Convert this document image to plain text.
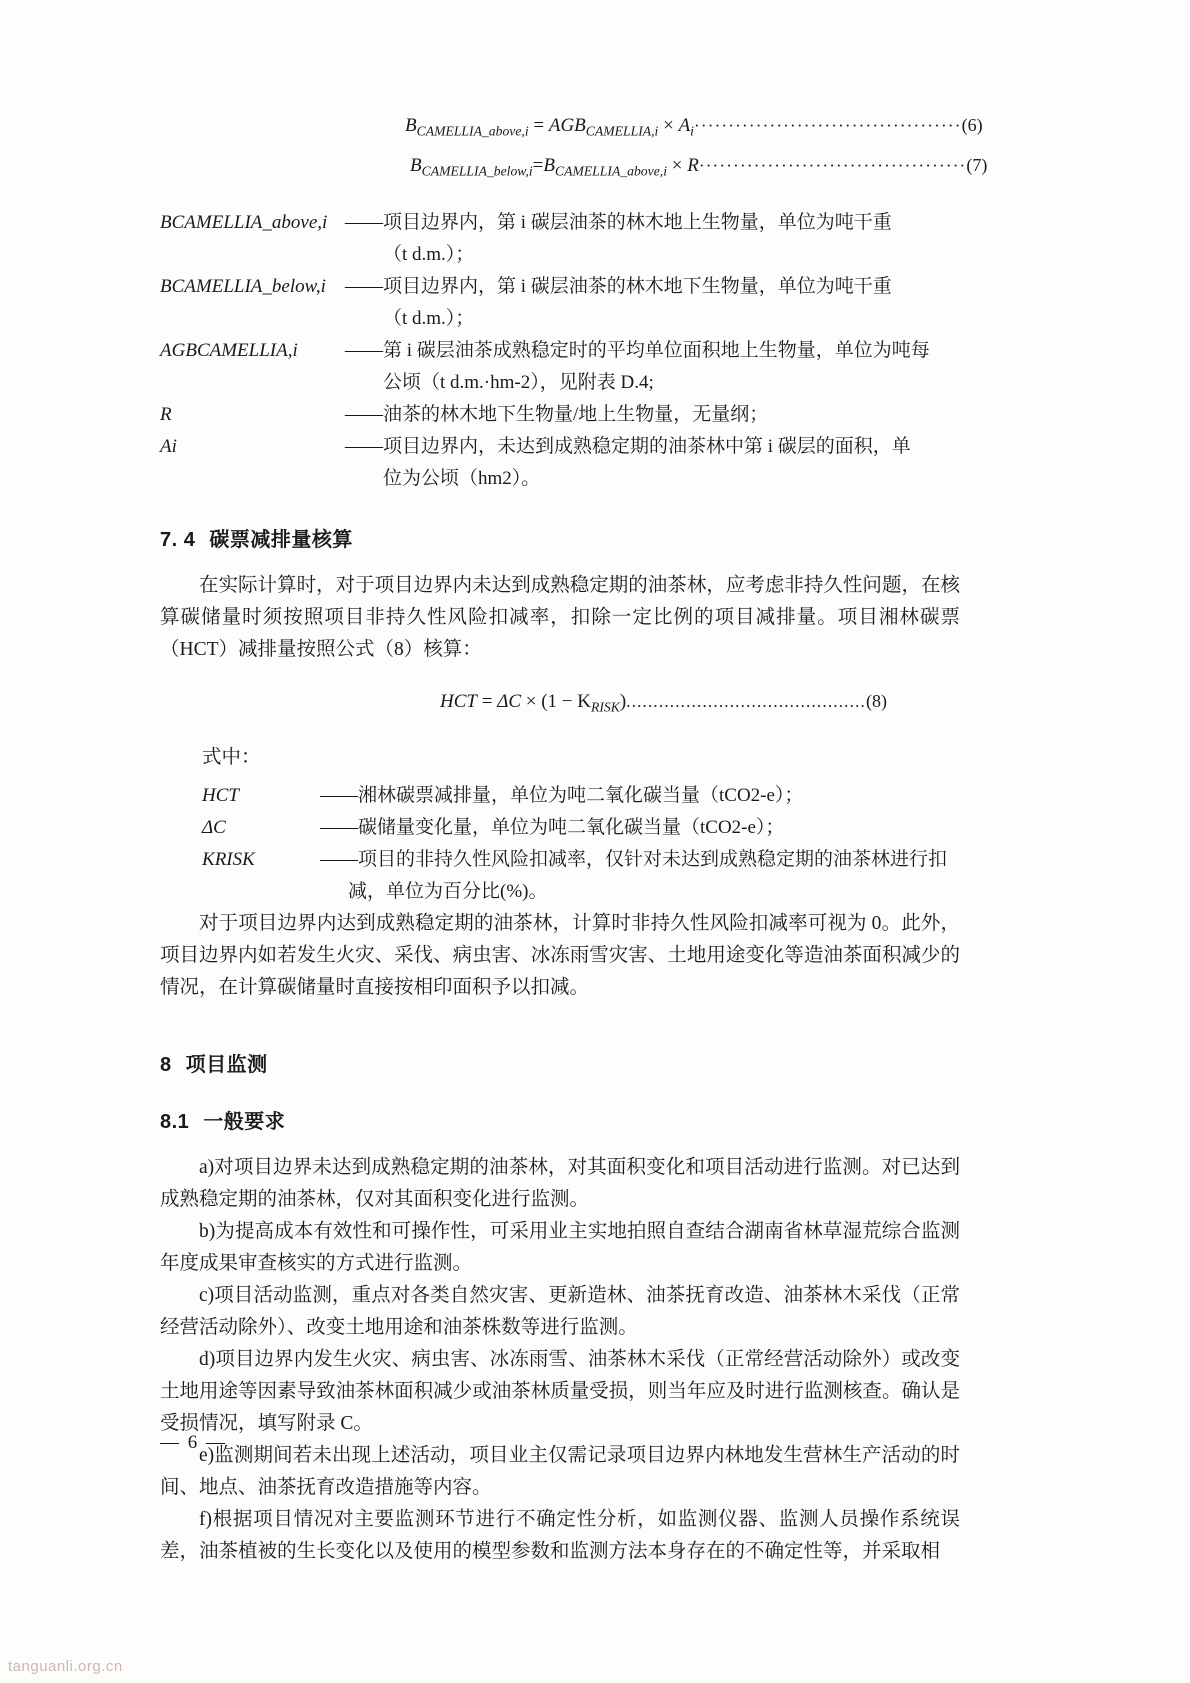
$B_{CAMELLIA\_above,i} = AGB_{CAMELLIA,i} \times A_i$ ······································· (6)
$B_{CAMELLIA\_below,i}=B_{CAMELLIA\_above,i} \times R$ ······································· (7)
BCAMELLIA_above,i ——项目边界内，第 i 碳层油茶的林木地上生物量，单位为吨干重
（t d.m.）；
BCAMELLIA_below,i	——项目边界内，第 i 碳层油茶的林木地下生物量，单位为吨干重
（t d.m.）；
AGBCAMELLIA,i	——第 i 碳层油茶成熟稳定时的平均单位面积地上生物量，单位为吨每
公顷（t d.m.·hm-2），见附表 D.4;
R	——油茶的林木地下生物量/地上生物量，无量纲；
Ai	——项目边界内，未达到成熟稳定期的油茶林中第 i 碳层的面积，单
位为公顷（hm2）。
7. 4 碳票减排量核算

在实际计算时，对于项目边界内未达到成熟稳定期的油茶林，应考虑非持久性问题，在核算碳储量时须按照项目非持久性风险扣减率，扣除一定比例的项目减排量。项目湘林碳票（HCT）减排量按照公式（8）核算：

HCT = $\Delta C \times (1 - K_{RISK})$ ............................................ (8)
式中：
HCT	——湘林碳票减排量，单位为吨二氧化碳当量（tCO2-e）；
ΔC	——碳储量变化量，单位为吨二氧化碳当量（tCO2-e）；
KRISK	——项目的非持久性风险扣减率，仅针对未达到成熟稳定期的油茶林进行扣
减，单位为百分比(%)。

对于项目边界内达到成熟稳定期的油茶林，计算时非持久性风险扣减率可视为 0。此外，项目边界内如若发生火灾、采伐、病虫害、冰冻雨雪灾害、土地用途变化等造油茶面积减少的情况，在计算碳储量时直接按相印面积予以扣减。

8 项目监测
8.1 一般要求

a)对项目边界未达到成熟稳定期的油茶林，对其面积变化和项目活动进行监测。对已达到成熟稳定期的油茶林，仅对其面积变化进行监测。

b)为提高成本有效性和可操作性，可采用业主实地拍照自查结合湖南省林草湿荒综合监测年度成果审查核实的方式进行监测。

c)项目活动监测，重点对各类自然灾害、更新造林、油茶抚育改造、油茶林木采伐（正常经营活动除外）、改变土地用途和油茶株数等进行监测。

d)项目边界内发生火灾、病虫害、冰冻雨雪、油茶林木采伐（正常经营活动除外）或改变土地用途等因素导致油茶林面积减少或油茶林质量受损，则当年应及时进行监测核查。确认是受损情况，填写附录 C。

e)监测期间若未出现上述活动，项目业主仅需记录项目边界内林地发生营林生产活动的时间、地点、油茶抚育改造措施等内容。

f)根据项目情况对主要监测环节进行不确定性分析，如监测仪器、监测人员操作系统误差，油茶植被的生长变化以及使用的模型参数和监测方法本身存在的不确定性等，并采取相

— 6 —
tanguanli.org.cn
